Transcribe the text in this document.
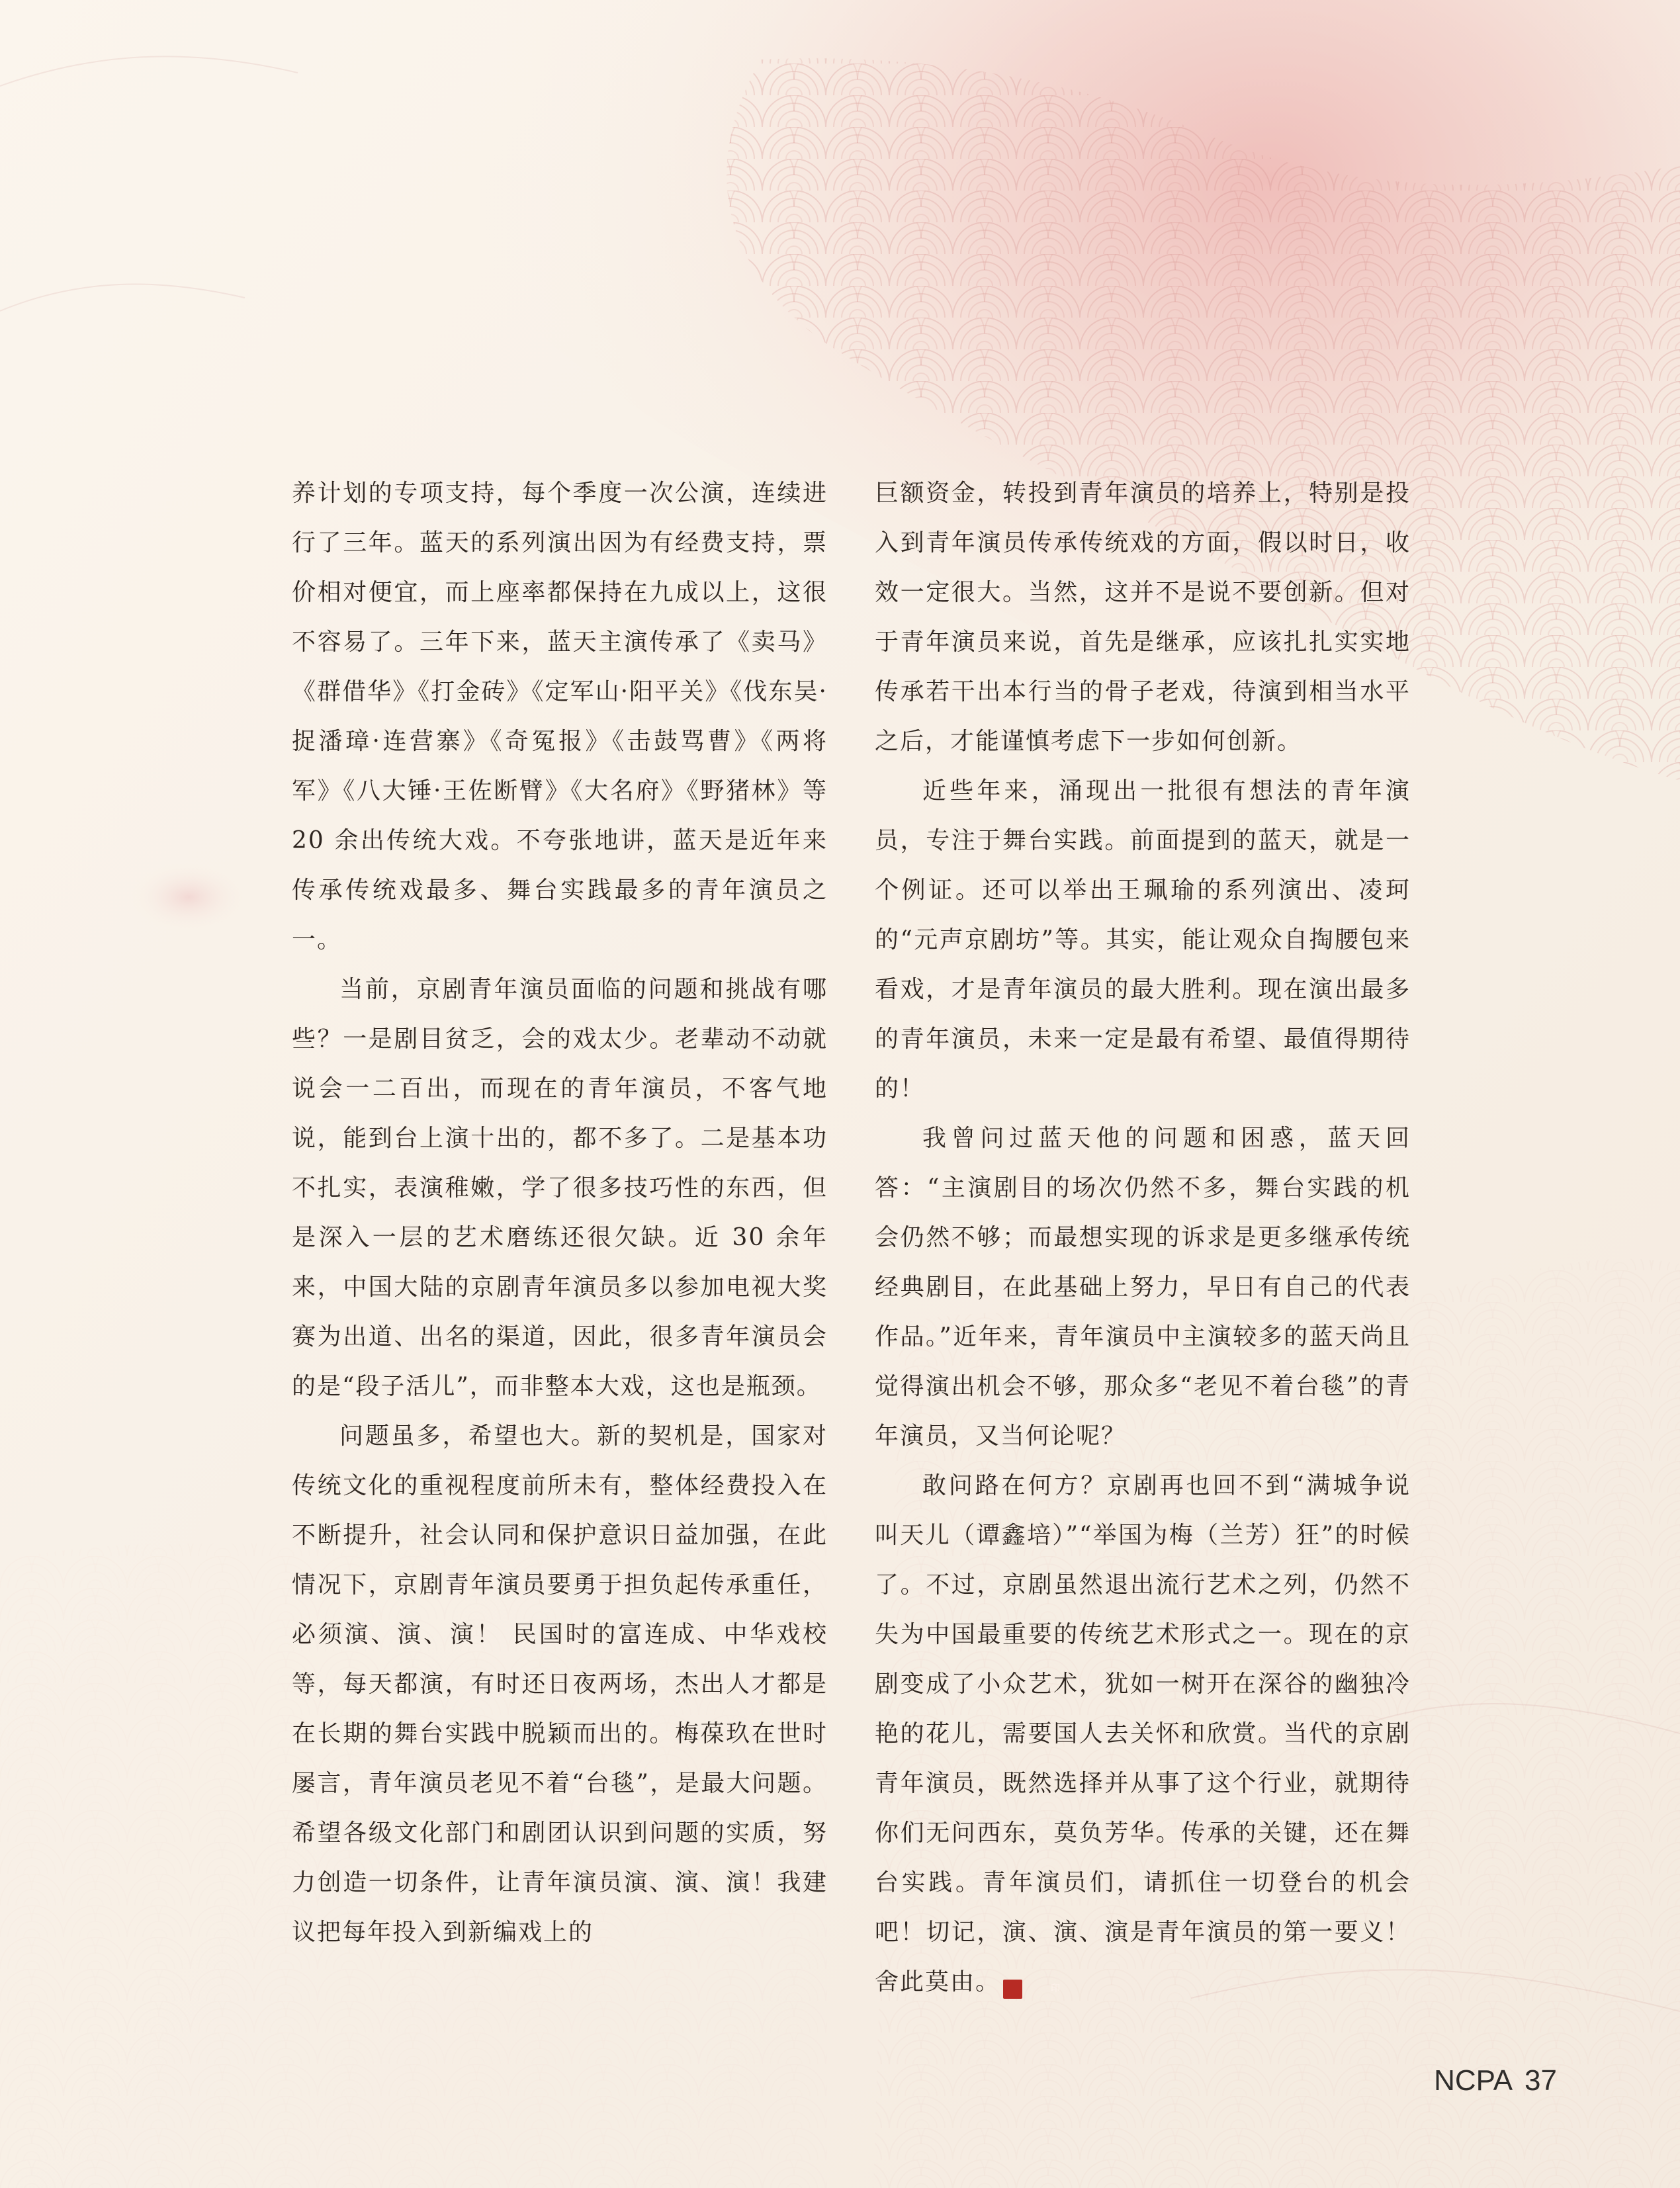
养计划的专项支持，每个季度一次公演，连续进行了三年。蓝天的系列演出因为有经费支持，票价相对便宜，而上座率都保持在九成以上，这很不容易了。三年下来，蓝天主演传承了《卖马》《群借华》《打金砖》《定军山·阳平关》《伐东吴·捉潘璋·连营寨》《奇冤报》《击鼓骂曹》《两将军》《八大锤·王佐断臂》《大名府》《野猪林》等 20 余出传统大戏。不夸张地讲，蓝天是近年来传承传统戏最多、舞台实践最多的青年演员之一。

当前，京剧青年演员面临的问题和挑战有哪些？一是剧目贫乏，会的戏太少。老辈动不动就说会一二百出，而现在的青年演员，不客气地说，能到台上演十出的，都不多了。二是基本功不扎实，表演稚嫩，学了很多技巧性的东西，但是深入一层的艺术磨练还很欠缺。近 30 余年来，中国大陆的京剧青年演员多以参加电视大奖赛为出道、出名的渠道，因此，很多青年演员会的是“段子活儿”，而非整本大戏，这也是瓶颈。

问题虽多，希望也大。新的契机是，国家对传统文化的重视程度前所未有，整体经费投入在不断提升，社会认同和保护意识日益加强，在此情况下，京剧青年演员要勇于担负起传承重任，必须演、演、演！ 民国时的富连成、中华戏校等，每天都演，有时还日夜两场，杰出人才都是在长期的舞台实践中脱颖而出的。梅葆玖在世时屡言，青年演员老见不着“台毯”，是最大问题。希望各级文化部门和剧团认识到问题的实质，努力创造一切条件，让青年演员演、演、演！我建议把每年投入到新编戏上的

巨额资金，转投到青年演员的培养上，特别是投入到青年演员传承传统戏的方面，假以时日，收效一定很大。当然，这并不是说不要创新。但对于青年演员来说，首先是继承，应该扎扎实实地传承若干出本行当的骨子老戏，待演到相当水平之后，才能谨慎考虑下一步如何创新。

近些年来，涌现出一批很有想法的青年演员，专注于舞台实践。前面提到的蓝天，就是一个例证。还可以举出王珮瑜的系列演出、凌珂的“元声京剧坊”等。其实，能让观众自掏腰包来看戏，才是青年演员的最大胜利。现在演出最多的青年演员，未来一定是最有希望、最值得期待的！

我曾问过蓝天他的问题和困惑，蓝天回答：“主演剧目的场次仍然不多，舞台实践的机会仍然不够；而最想实现的诉求是更多继承传统经典剧目，在此基础上努力，早日有自己的代表作品。”近年来，青年演员中主演较多的蓝天尚且觉得演出机会不够，那众多“老见不着台毯”的青年演员，又当何论呢？

敢问路在何方？京剧再也回不到“满城争说叫天儿（谭鑫培）”“举国为梅（兰芳）狂”的时候了。不过，京剧虽然退出流行艺术之列，仍然不失为中国最重要的传统艺术形式之一。现在的京剧变成了小众艺术，犹如一树开在深谷的幽独冷艳的花儿，需要国人去关怀和欣赏。当代的京剧青年演员，既然选择并从事了这个行业，就期待你们无问西东，莫负芳华。传承的关键，还在舞台实践。青年演员们，请抓住一切登台的机会吧！切记，演、演、演是青年演员的第一要义！舍此莫由。	印

NCPA 37
